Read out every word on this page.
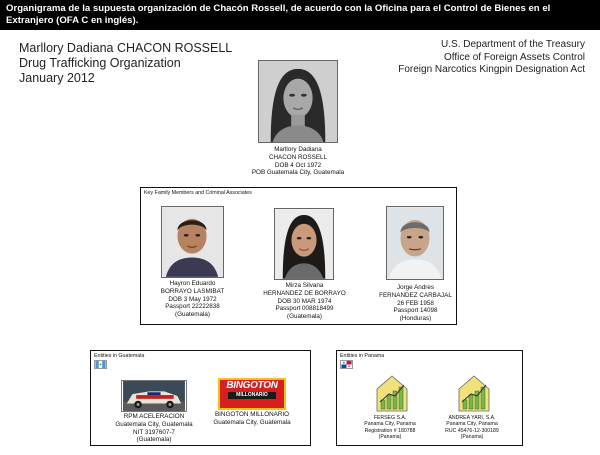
Organigrama de la supuesta organización de Chacón Rossell, de acuerdo con la Oficina para el Control de Bienes en el Extranjero (OFA C en inglés).
Marllory Dadiana CHACON ROSSELL
Drug Trafficking Organization
January 2012
U.S. Department of the Treasury
Office of Foreign Assets Control
Foreign Narcotics Kingpin Designation Act
Marllory Dadiana
CHACON ROSSELL
DOB 4 Oct 1972
POB Guatemala City, Guatemala
Key Family Members and Criminal Associates
Hayron Eduardo
BORRAYO LASMIBAT
DOB 3 May 1972
Passport 22222838
(Guatemala)
Mirza Silvana
HERNANDEZ DE BORRAYO
DOB 30 MAR 1974
Passport 008818499
(Guatemala)
Jorge Andres
FERNANDEZ CARBAJAL
26 FEB 1958
Passport 14098
(Honduras)
Entities in Guatemala
RPM ACELERACION
Guatemala City, Guatemala
NIT 3197607-7
(Guatemala)
BINGOTON
MILLONARIO
BINGOTON MILLONARIO
Guatemala City, Guatemala
Entities in Panama
FERSEG S.A.
Panama City, Panama
Registration # 180788
(Panama)
ANDREA YARI, S.A.
Panama City, Panama
RUC 45476-12-300189
(Panama)
